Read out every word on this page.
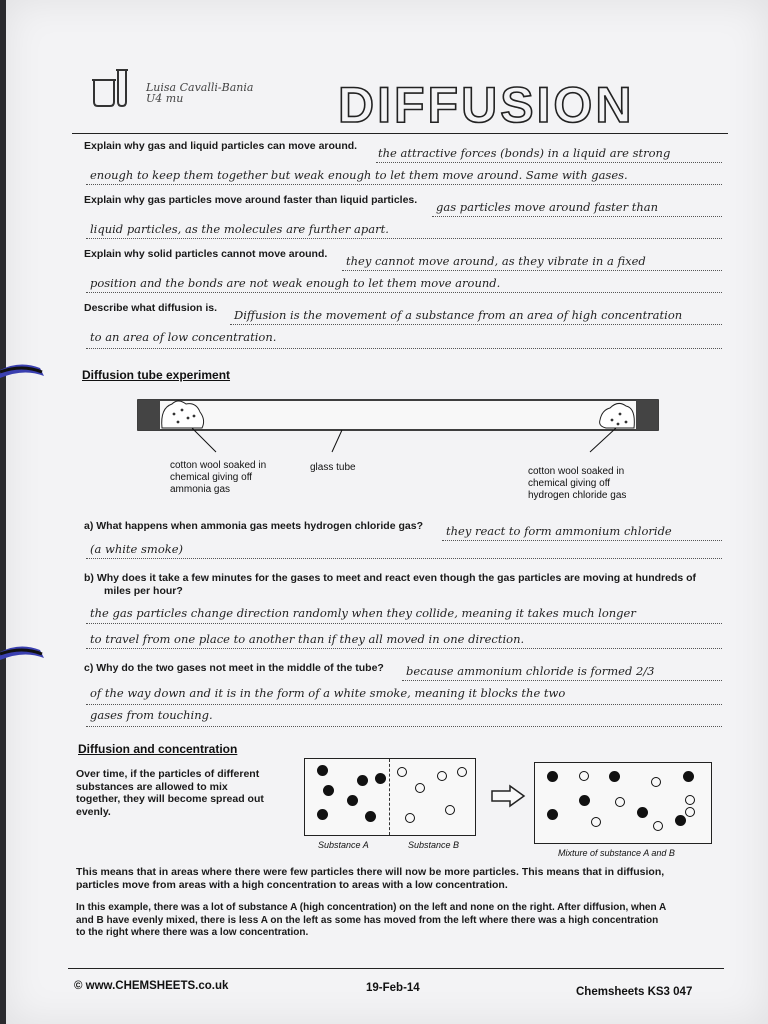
Luisa Cavalli-Bania
U4 mu	DIFFUSION
Explain why gas and liquid particles can move around. the attractive forces (bonds) in a liquid are strong
enough to keep them together but weak enough to let them move around. Same with gases.
Explain why gas particles move around faster than liquid particles. gas particles move around faster than
liquid particles, as the molecules are further apart.
Explain why solid particles cannot move around. they cannot move around, as they vibrate in a fixed
position and the bonds are not weak enough to let them move around.
Describe what diffusion is. Diffusion is the movement of a substance from an area of high concentration
to an area of low concentration.
Diffusion tube experiment
cotton wool soaked in
chemical giving off
ammonia gas
glass tube	cotton wool soaked in
chemical giving off
hydrogen chloride gas
a) What happens when ammonia gas meets hydrogen chloride gas? they react to form ammonium chloride
(a white smoke)
b) Why does it take a few minutes for the gases to meet and react even though the gas particles are moving at hundreds of
miles per hour?
the gas particles change direction randomly when they collide, meaning it takes much longer
to travel from one place to another than if they all moved in one direction.
c) Why do the two gases not meet in the middle of the tube? because ammonium chloride is formed 2/3
of the way down and it is in the form of a white smoke, meaning it blocks the two
gases from touching.
Diffusion and concentration
Over time, if the particles of different
substances are allowed to mix
together, they will become spread out
evenly.
Substance A	Substance B
Mixture of substance A and B
This means that in areas where there were few particles there will now be more particles. This means that in diffusion,
particles move from areas with a high concentration to areas with a low concentration.
In this example, there was a lot of substance A (high concentration) on the left and none on the right. After diffusion, when A
and B have evenly mixed, there is less A on the left as some has moved from the left where there was a high concentration
to the right where there was a low concentration.
© www.CHEMSHEETS.co.uk	19-Feb-14	Chemsheets KS3 047
